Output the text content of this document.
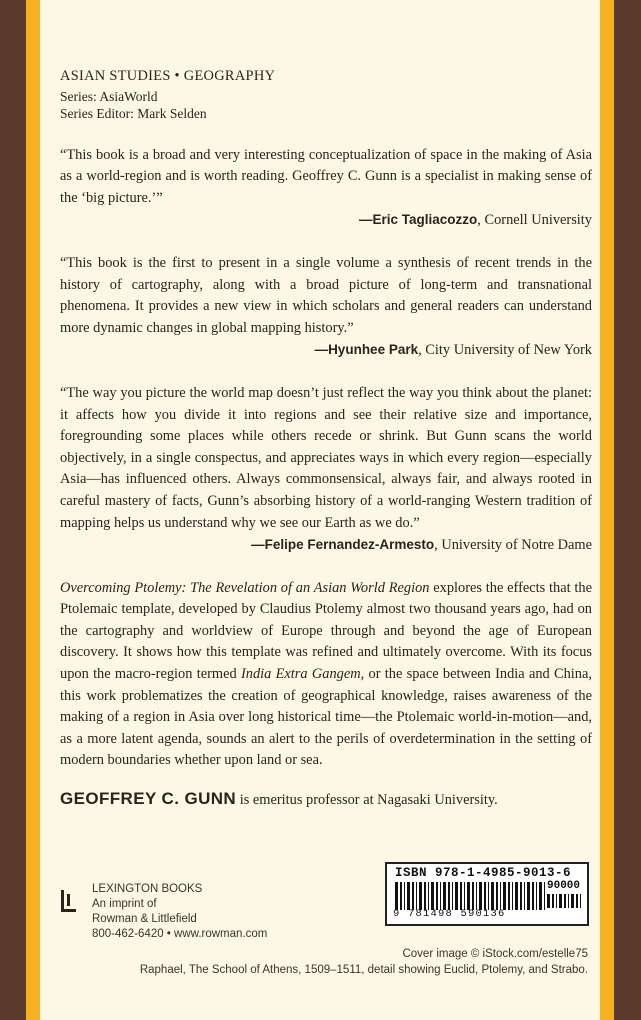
ASIAN STUDIES • GEOGRAPHY
Series: AsiaWorld
Series Editor: Mark Selden

“This book is a broad and very interesting conceptualization of space in the making of Asia as a world-region and is worth reading. Geoffrey C. Gunn is a specialist in making sense of the ‘big picture.’”

—Eric Tagliacozzo, Cornell University

“This book is the first to present in a single volume a synthesis of recent trends in the history of cartography, along with a broad picture of long-term and transnational phenomena. It provides a new view in which scholars and general readers can understand more dynamic changes in global mapping history.”

—Hyunhee Park, City University of New York

“The way you picture the world map doesn’t just reflect the way you think about the planet: it affects how you divide it into regions and see their relative size and importance, foregrounding some places while others recede or shrink. But Gunn scans the world objectively, in a single conspectus, and appreciates ways in which every region—especially Asia—has influenced others. Always commonsensical, always fair, and always rooted in careful mastery of facts, Gunn’s absorbing history of a world-ranging Western tradition of mapping helps us understand why we see our Earth as we do.”

—Felipe Fernandez-Armesto, University of Notre Dame

Overcoming Ptolemy: The Revelation of an Asian World Region explores the effects that the Ptolemaic template, developed by Claudius Ptolemy almost two thousand years ago, had on the cartography and worldview of Europe through and beyond the age of European discovery. It shows how this template was refined and ultimately overcome. With its focus upon the macro-region termed India Extra Gangem, or the space between India and China, this work problematizes the creation of geographical knowledge, raises awareness of the making of a region in Asia over long historical time—the Ptolemaic world-in-motion—and, as a more latent agenda, sounds an alert to the perils of overdetermination in the setting of modern boundaries whether upon land or sea.

GEOFFREY C. GUNN is emeritus professor at Nagasaki University.

LEXINGTON BOOKS
An imprint of
Rowman & Littlefield
800-462-6420 • www.rowman.com
ISBN 978-1-4985-9013-6
90000
9 781498 590136
Cover image © iStock.com/estelle75
Raphael, The School of Athens, 1509–1511, detail showing Euclid, Ptolemy, and Strabo.
